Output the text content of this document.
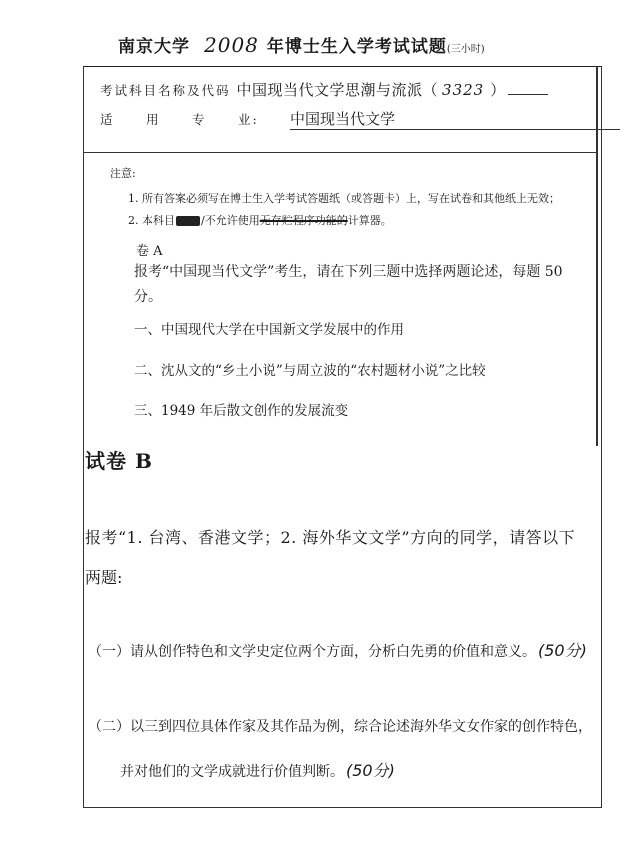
南京大学 2008 年博士生入学考试试题(三小时)
考试科目名称及代码 中国现当代文学思潮与流派（ 3323 ）
适	用	专	业: 中国现当代文学
注意:
1. 所有答案必须写在博士生入学考试答题纸（或答题卡）上，写在试卷和其他纸上无效；
2. 本科目 /不允许使用无存贮程序功能的计算器。
卷 A
报考“中国现当代文学”考生，请在下列三题中选择两题论述，每题 50 分。
一、中国现代大学在中国新文学发展中的作用
二、沈从文的“乡土小说”与周立波的“农村题材小说”之比较
三、1949 年后散文创作的发展流变
试卷 B
报考“1. 台湾、香港文学；2. 海外华文文学”方向的同学，请答以下
两题:
（一）请从创作特色和文学史定位两个方面，分析白先勇的价值和意义。 (50分)
（二）以三到四位具体作家及其作品为例，综合论述海外华文女作家的创作特色，
并对他们的文学成就进行价值判断。 (50分)
